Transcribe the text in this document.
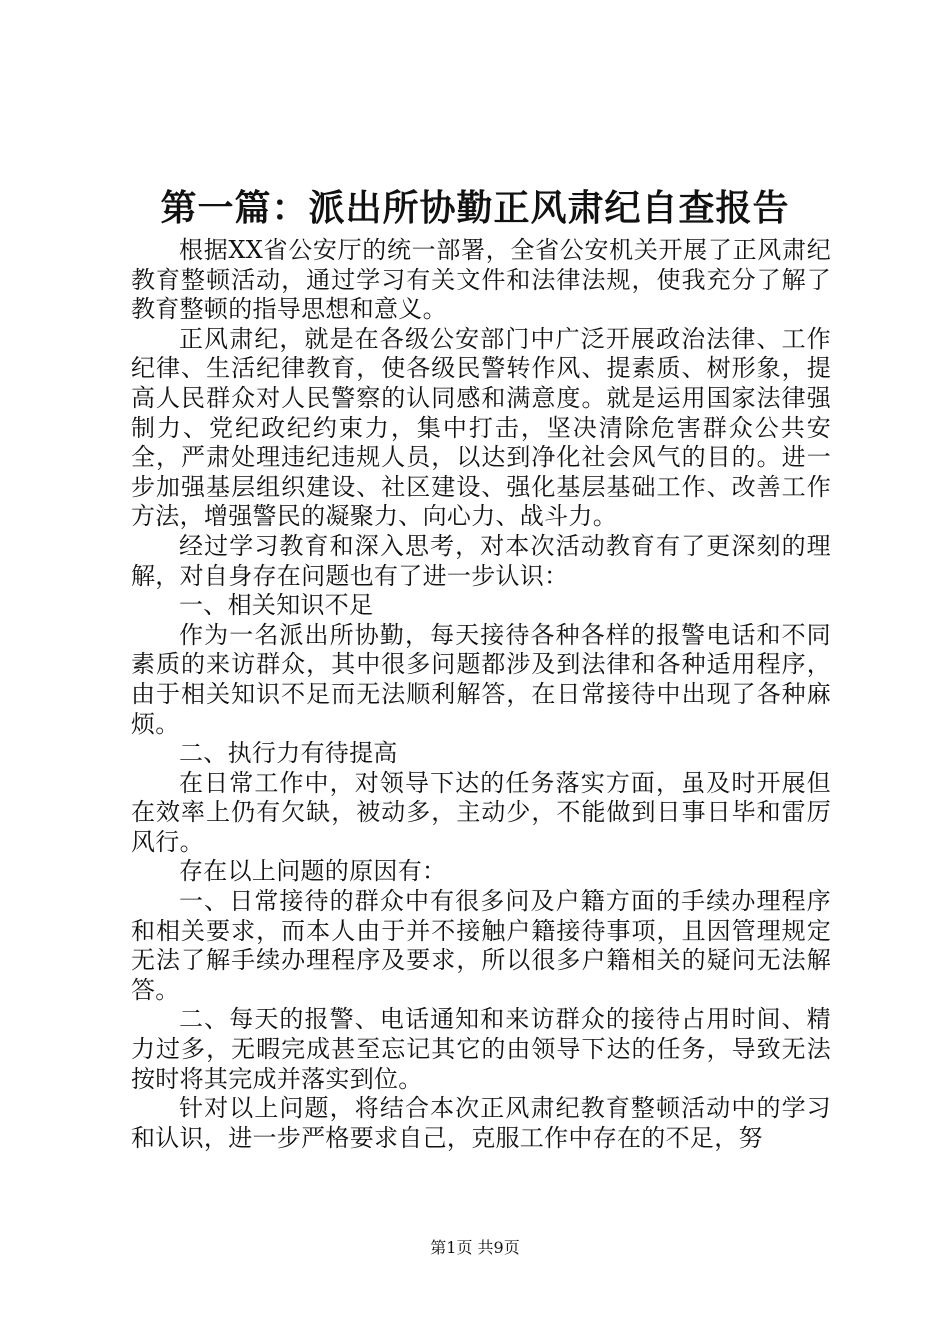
第一篇：派出所协勤正风肃纪自查报告

根据XX省公安厅的统一部署，全省公安机关开展了正风肃纪教育整顿活动，通过学习有关文件和法律法规，使我充分了解了教育整顿的指导思想和意义。

正风肃纪，就是在各级公安部门中广泛开展政治法律、工作纪律、生活纪律教育，使各级民警转作风、提素质、树形象，提高人民群众对人民警察的认同感和满意度。就是运用国家法律强制力、党纪政纪约束力，集中打击，坚决清除危害群众公共安全，严肃处理违纪违规人员，以达到净化社会风气的目的。进一步加强基层组织建设、社区建设、强化基层基础工作、改善工作方法，增强警民的凝聚力、向心力、战斗力。

经过学习教育和深入思考，对本次活动教育有了更深刻的理解，对自身存在问题也有了进一步认识：

一、相关知识不足

作为一名派出所协勤，每天接待各种各样的报警电话和不同素质的来访群众，其中很多问题都涉及到法律和各种适用程序，由于相关知识不足而无法顺利解答，在日常接待中出现了各种麻烦。

二、执行力有待提高

在日常工作中，对领导下达的任务落实方面，虽及时开展但在效率上仍有欠缺，被动多，主动少，不能做到日事日毕和雷厉风行。

存在以上问题的原因有：

一、日常接待的群众中有很多问及户籍方面的手续办理程序和相关要求，而本人由于并不接触户籍接待事项，且因管理规定无法了解手续办理程序及要求，所以很多户籍相关的疑问无法解答。

二、每天的报警、电话通知和来访群众的接待占用时间、精力过多，无暇完成甚至忘记其它的由领导下达的任务，导致无法按时将其完成并落实到位。

针对以上问题，将结合本次正风肃纪教育整顿活动中的学习和认识，进一步严格要求自己，克服工作中存在的不足，努

第1页 共9页
